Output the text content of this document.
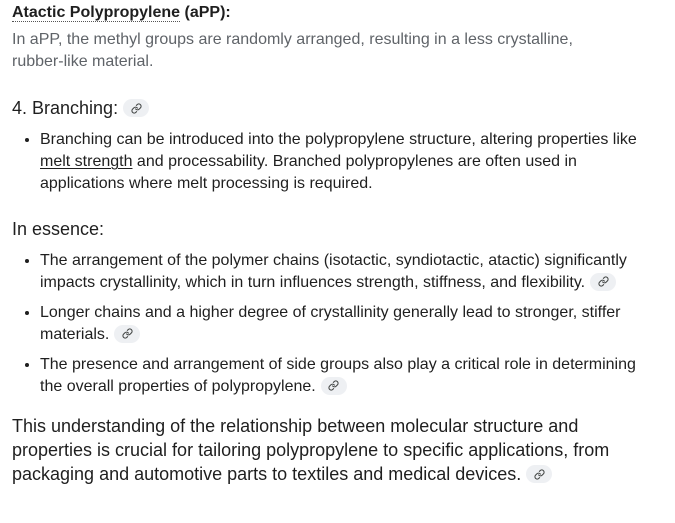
Atactic Polypropylene (aPP):

In aPP, the methyl groups are randomly arranged, resulting in a less crystalline, rubber-like material.

4. Branching:
• Branching can be introduced into the polypropylene structure, altering properties like melt strength and processability. Branched polypropylenes are often used in applications where melt processing is required.
In essence:
• The arrangement of the polymer chains (isotactic, syndiotactic, atactic) significantly impacts crystallinity, which in turn influences strength, stiffness, and flexibility.
• Longer chains and a higher degree of crystallinity generally lead to stronger, stiffer materials.
• The presence and arrangement of side groups also play a critical role in determining the overall properties of polypropylene.

This understanding of the relationship between molecular structure and properties is crucial for tailoring polypropylene to specific applications, from packaging and automotive parts to textiles and medical devices.
